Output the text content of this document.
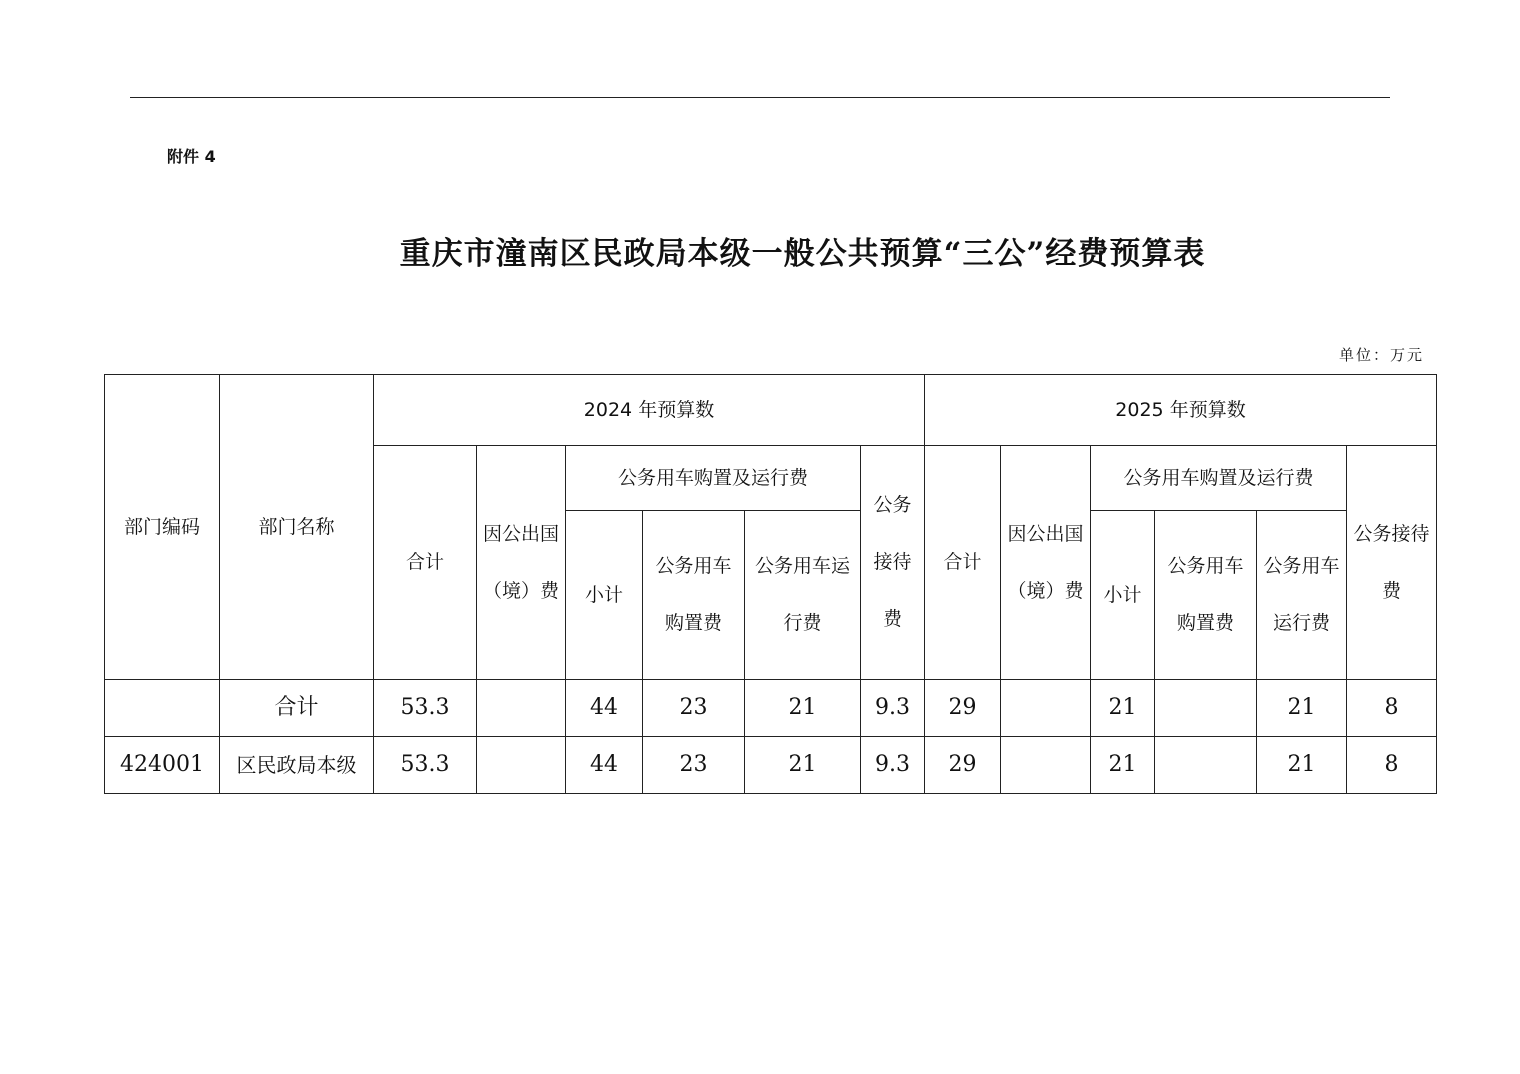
附件 4
重庆市潼南区民政局本级一般公共预算“三公”经费预算表
单位：万元
部门编码	部门名称	2024 年预算数						2025 年预算数					
		合计	因公出国（境）费	公务用车购置及运行费			公务接待费	合计	因公出国（境）费	公务用车购置及运行费			公务接待费
				小计	公务用车购置费	公务用车运行费				小计	公务用车购置费	公务用车运行费	
	合计	53.3		44	23	21	9.3	29		21		21	8
424001	区民政局本级	53.3		44	23	21	9.3	29		21		21	8
